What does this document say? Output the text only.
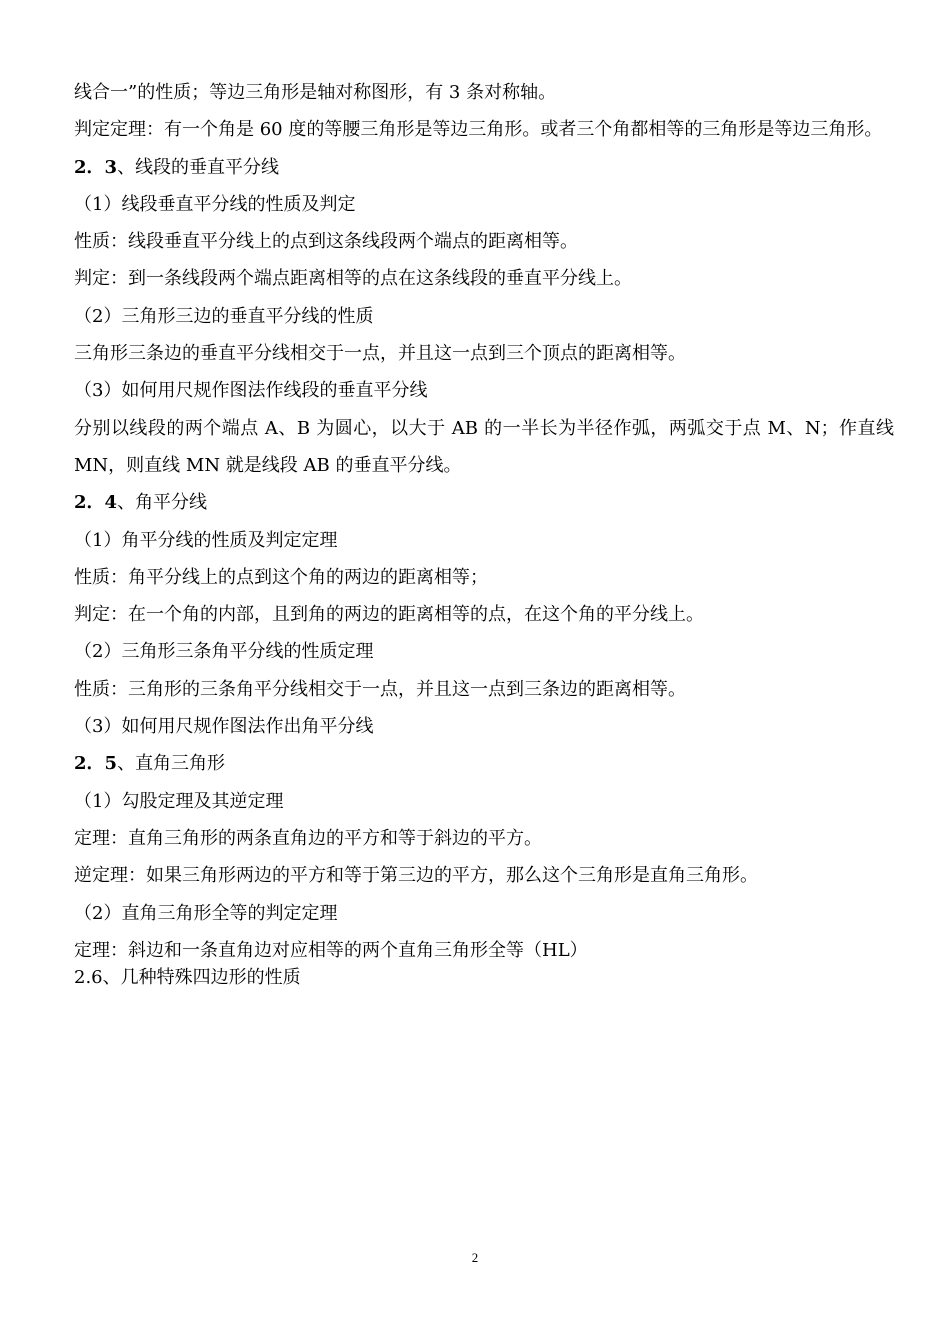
线合一”的性质；等边三角形是轴对称图形，有 3 条对称轴。

判定定理：有一个角是 60 度的等腰三角形是等边三角形。或者三个角都相等的三角形是等边三角形。

2．3、线段的垂直平分线

（1）线段垂直平分线的性质及判定

性质：线段垂直平分线上的点到这条线段两个端点的距离相等。

判定：到一条线段两个端点距离相等的点在这条线段的垂直平分线上。

（2）三角形三边的垂直平分线的性质

三角形三条边的垂直平分线相交于一点，并且这一点到三个顶点的距离相等。

（3）如何用尺规作图法作线段的垂直平分线

分别以线段的两个端点 A、B 为圆心，以大于 AB 的一半长为半径作弧，两弧交于点 M、N；作直线 MN，则直线 MN 就是线段 AB 的垂直平分线。

2．4、角平分线

（1）角平分线的性质及判定定理

性质：角平分线上的点到这个角的两边的距离相等；

判定：在一个角的内部，且到角的两边的距离相等的点，在这个角的平分线上。

（2）三角形三条角平分线的性质定理

性质：三角形的三条角平分线相交于一点，并且这一点到三条边的距离相等。

（3）如何用尺规作图法作出角平分线

2．5、直角三角形

（1）勾股定理及其逆定理

定理：直角三角形的两条直角边的平方和等于斜边的平方。

逆定理：如果三角形两边的平方和等于第三边的平方，那么这个三角形是直角三角形。

（2）直角三角形全等的判定定理

定理：斜边和一条直角边对应相等的两个直角三角形全等（HL）

2.6、几种特殊四边形的性质

2
